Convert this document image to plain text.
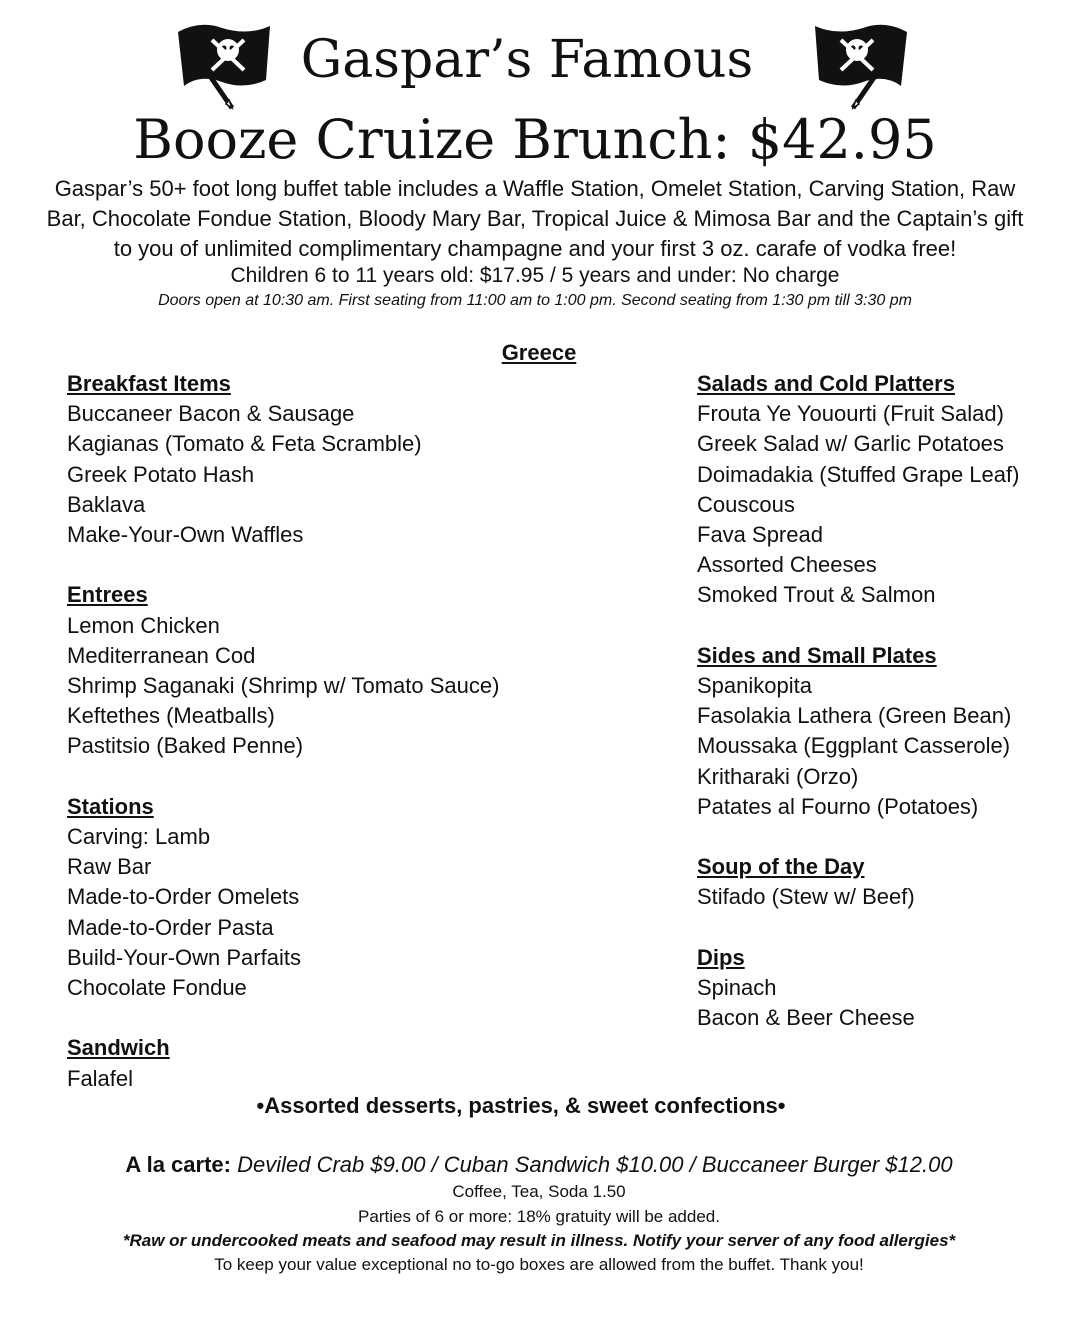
Gaspar’s Famous
Booze Cruize Brunch: $42.95
Gaspar’s 50+ foot long buffet table includes a Waffle Station, Omelet Station, Carving Station, Raw Bar, Chocolate Fondue Station, Bloody Mary Bar, Tropical Juice & Mimosa Bar and the Captain’s gift to you of unlimited complimentary champagne and your first 3 oz. carafe of vodka free!
Children 6 to 11 years old: $17.95 / 5 years and under: No charge
Doors open at 10:30 am. First seating from 11:00 am to 1:00 pm. Second seating from 1:30 pm till 3:30 pm
Greece
Breakfast Items
Buccaneer Bacon & Sausage
Kagianas (Tomato & Feta Scramble)
Greek Potato Hash
Baklava
Make-Your-Own Waffles
Entrees
Lemon Chicken
Mediterranean Cod
Shrimp Saganaki (Shrimp w/ Tomato Sauce)
Keftethes (Meatballs)
Pastitsio (Baked Penne)
Stations
Carving: Lamb
Raw Bar
Made-to-Order Omelets
Made-to-Order Pasta
Build-Your-Own Parfaits
Chocolate Fondue
Sandwich
Falafel
Salads and Cold Platters
Frouta Ye Youourti (Fruit Salad)
Greek Salad w/ Garlic Potatoes
Doimadakia (Stuffed Grape Leaf)
Couscous
Fava Spread
Assorted Cheeses
Smoked Trout & Salmon
Sides and Small Plates
Spanikopita
Fasolakia Lathera (Green Bean)
Moussaka (Eggplant Casserole)
Kritharaki (Orzo)
Patates al Fourno (Potatoes)
Soup of the Day
Stifado (Stew w/ Beef)
Dips
Spinach
Bacon & Beer Cheese
•Assorted desserts, pastries, & sweet confections•
A la carte: Deviled Crab $9.00 / Cuban Sandwich $10.00 / Buccaneer Burger $12.00
Coffee, Tea, Soda 1.50
Parties of 6 or more: 18% gratuity will be added.
*Raw or undercooked meats and seafood may result in illness. Notify your server of any food allergies*
To keep your value exceptional no to-go boxes are allowed from the buffet. Thank you!
